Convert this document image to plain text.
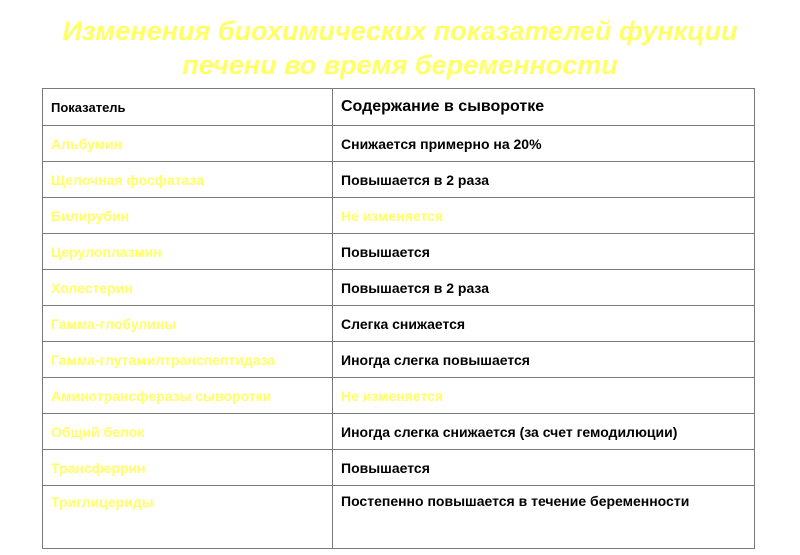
Изменения биохимических показателей функции
печени во время беременности
Показатель	Содержание в сыворотке
Альбумин	Снижается примерно на 20%
Щелочная фосфатаза	Повышается в 2 раза
Билирубин	Не изменяется
Церулоплазмин	Повышается
Холестерин	Повышается в 2 раза
Гамма-глобулины	Слегка снижается
Гамма-глутамилтранспептидаза	Иногда слегка повышается
Аминотрансферазы сыворотки	Не изменяется
Общий белок	Иногда слегка снижается (за счет гемодилюции)
Трансферрин	Повышается
Триглицериды	Постепенно повышается в течение беременности
